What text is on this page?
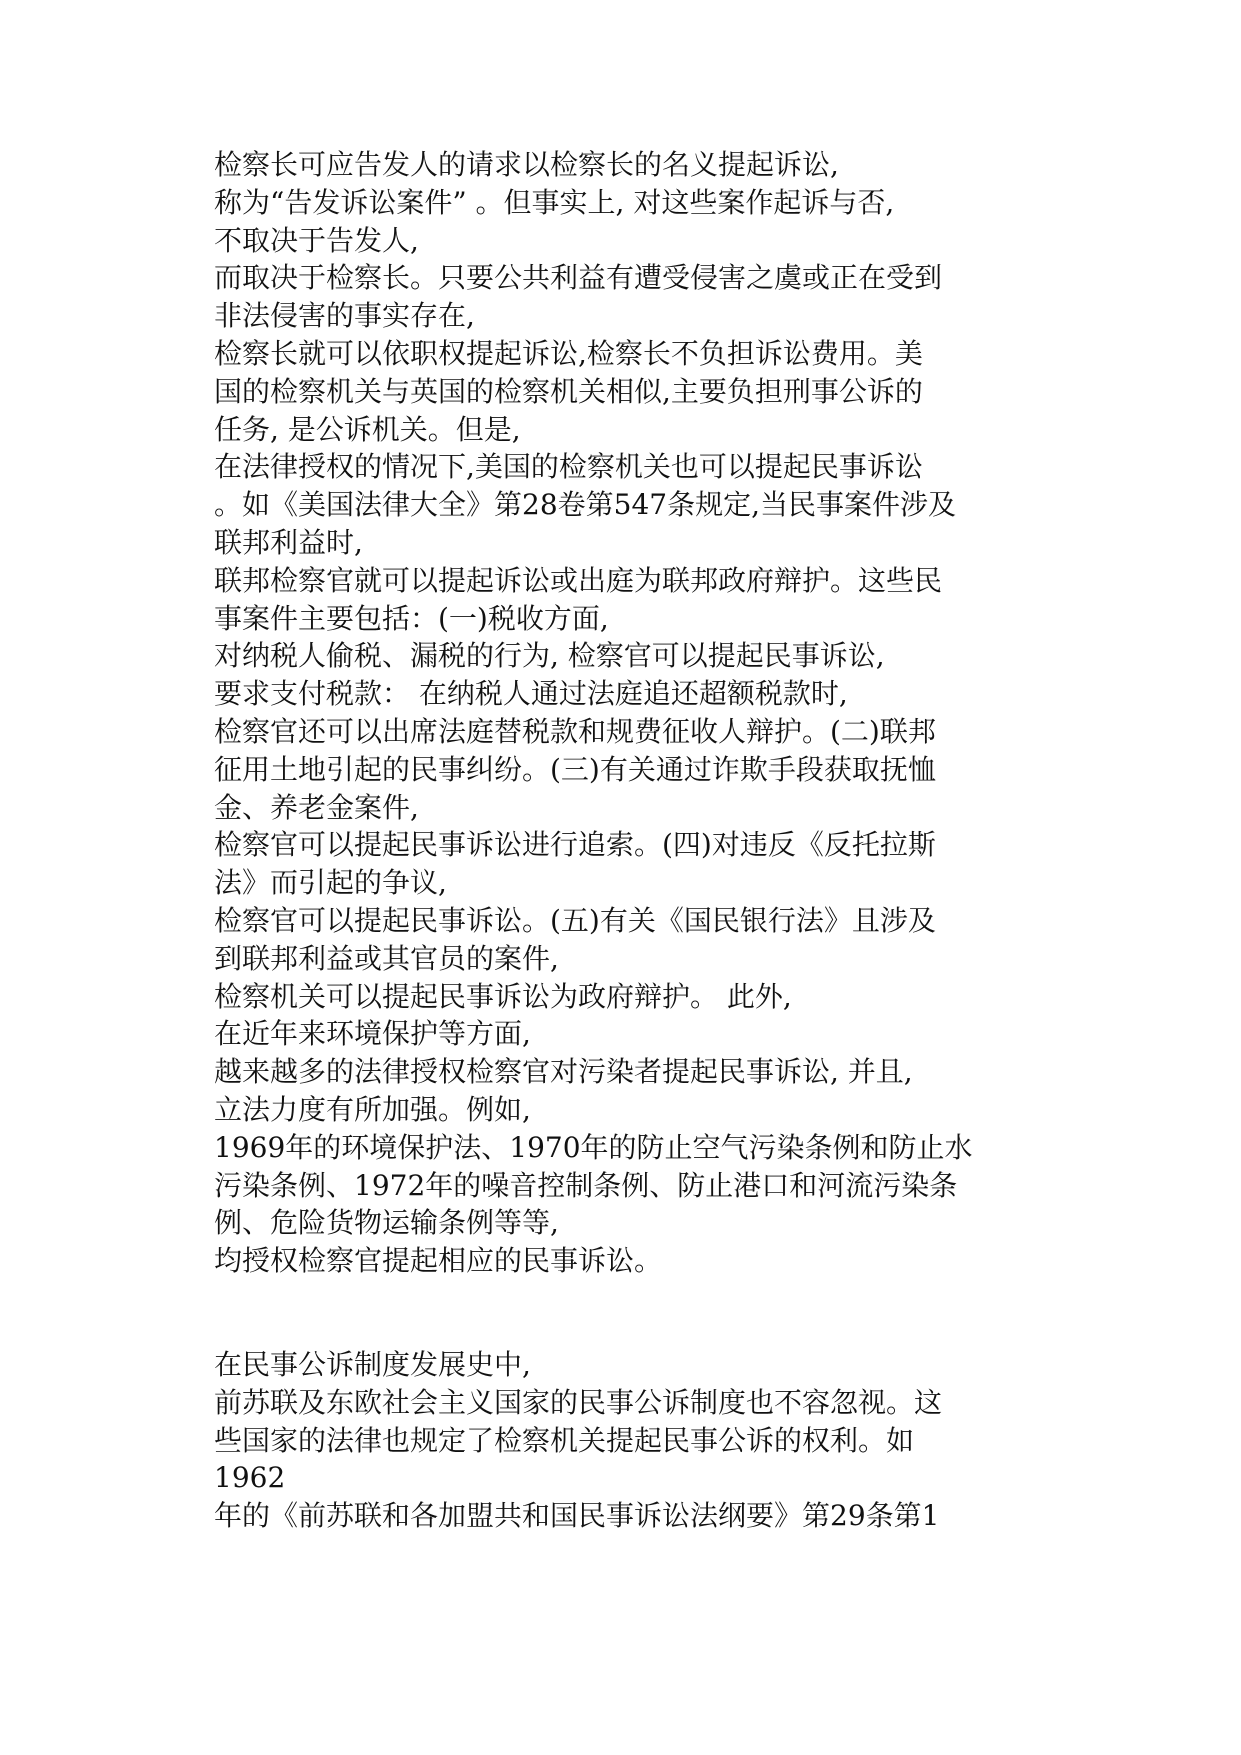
检察长可应告发人的请求以检察长的名义提起诉讼,
称为“告发诉讼案件” 。但事实上, 对这些案作起诉与否,
不取决于告发人,
而取决于检察长。只要公共利益有遭受侵害之虞或正在受到
非法侵害的事实存在,
检察长就可以依职权提起诉讼,检察长不负担诉讼费用。美
国的检察机关与英国的检察机关相似,主要负担刑事公诉的
任务, 是公诉机关。但是,
在法律授权的情况下,美国的检察机关也可以提起民事诉讼
。如《美国法律大全》第28卷第547条规定,当民事案件涉及
联邦利益时,
联邦检察官就可以提起诉讼或出庭为联邦政府辩护。这些民
事案件主要包括：(一)税收方面,
对纳税人偷税、漏税的行为, 检察官可以提起民事诉讼,
要求支付税款： 在纳税人通过法庭追还超额税款时,
检察官还可以出席法庭替税款和规费征收人辩护。(二)联邦
征用土地引起的民事纠纷。(三)有关通过诈欺手段获取抚恤
金、养老金案件,
检察官可以提起民事诉讼进行追索。(四)对违反《反托拉斯
法》而引起的争议,
检察官可以提起民事诉讼。(五)有关《国民银行法》且涉及
到联邦利益或其官员的案件,
检察机关可以提起民事诉讼为政府辩护。 此外,
在近年来环境保护等方面,
越来越多的法律授权检察官对污染者提起民事诉讼, 并且,
立法力度有所加强。例如,
1969年的环境保护法、1970年的防止空气污染条例和防止水
污染条例、1972年的噪音控制条例、防止港口和河流污染条
例、危险货物运输条例等等,
均授权检察官提起相应的民事诉讼。
在民事公诉制度发展史中,
前苏联及东欧社会主义国家的民事公诉制度也不容忽视。这
些国家的法律也规定了检察机关提起民事公诉的权利。如
1962
年的《前苏联和各加盟共和国民事诉讼法纲要》第29条第1
